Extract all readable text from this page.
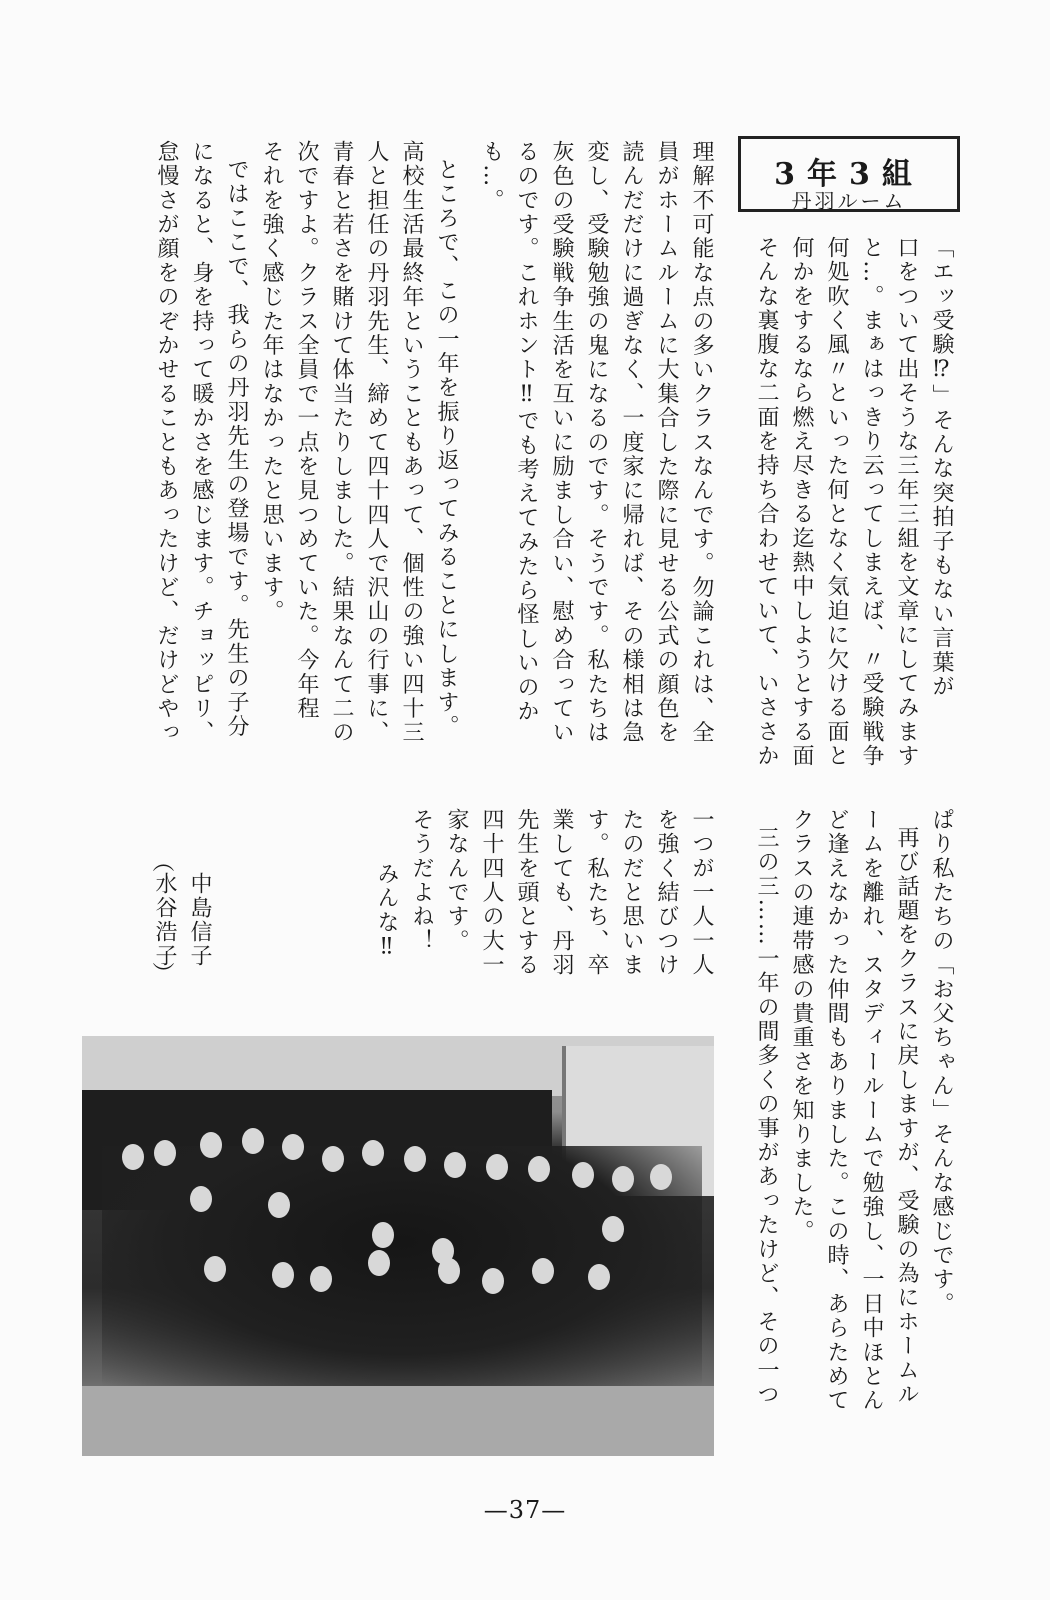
3年3組
丹羽ルーム
「エッ受験⁉」そんな突拍子もない言葉が
口をついて出そうな三年三組を文章にしてみます
と…。まぁはっきり云ってしまえば、〃受験戦争
何処吹く風〃といった何となく気迫に欠ける面と
何かをするなら燃え尽きる迄熱中しようとする面
そんな裏腹な二面を持ち合わせていて、いささか
理解不可能な点の多いクラスなんです。勿論これは、全
員がホームルームに大集合した際に見せる公式の顔色を
読んだだけに過ぎなく、一度家に帰れば、その様相は急
変し、受験勉強の鬼になるのです。そうです。私たちは
灰色の受験戦争生活を互いに励まし合い、慰め合ってい
るのです。これホント‼でも考えてみたら怪しいのか
も…。
ところで、この一年を振り返ってみることにします。
高校生活最終年ということもあって、個性の強い四十三
人と担任の丹羽先生、締めて四十四人で沢山の行事に、
青春と若さを賭けて体当たりしました。結果なんて二の
次ですよ。クラス全員で一点を見つめていた。今年程
それを強く感じた年はなかったと思います。
ではここで、我らの丹羽先生の登場です。先生の子分
になると、身を持って暖かさを感じます。チョッピリ、
怠慢さが顔をのぞかせることもあったけど、だけどやっ
ぱり私たちの「お父ちゃん」そんな感じです。
再び話題をクラスに戻しますが、受験の為にホームル
ームを離れ、スタディールームで勉強し、一日中ほとん
ど逢えなかった仲間もありました。この時、あらためて
クラスの連帯感の貴重さを知りました。
三の三……一年の間多くの事があったけど、その一つ
一つが一人一人
を強く結びつけ
たのだと思いま
す。私たち、卒
業しても、丹羽
先生を頭とする
四十四人の大一
家なんです。
そうだよね！
みんな‼
（
中島信子
水谷浩子
）
—37—
